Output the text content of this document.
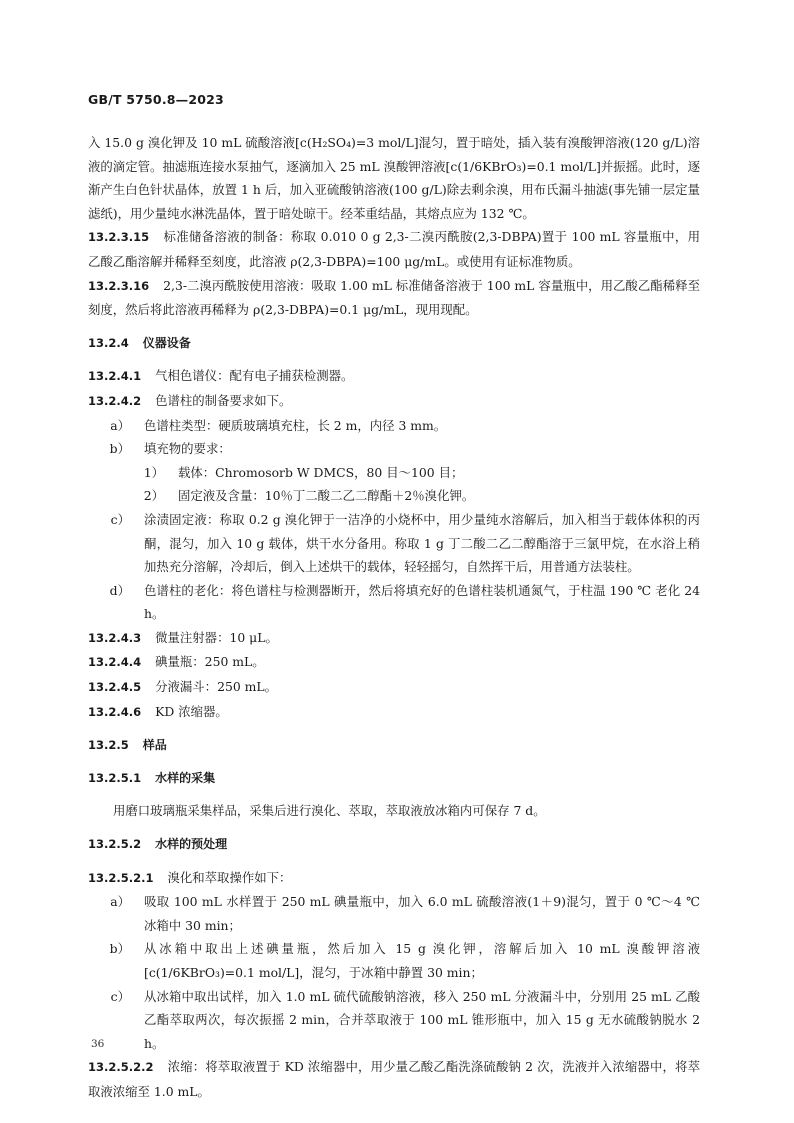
GB/T 5750.8—2023

入 15.0 g 溴化钾及 10 mL 硫酸溶液[c(H₂SO₄)=3 mol/L]混匀，置于暗处，插入装有溴酸钾溶液(120 g/L)溶液的滴定管。抽滤瓶连接水泵抽气，逐滴加入 25 mL 溴酸钾溶液[c(1/6KBrO₃)=0.1 mol/L]并振摇。此时，逐渐产生白色针状晶体，放置 1 h 后，加入亚硫酸钠溶液(100 g/L)除去剩余溴，用布氏漏斗抽滤(事先铺一层定量滤纸)，用少量纯水淋洗晶体，置于暗处晾干。经苯重结晶，其熔点应为 132 ℃。

13.2.3.15 标准储备溶液的制备：称取 0.010 0 g 2,3-二溴丙酰胺(2,3-DBPA)置于 100 mL 容量瓶中，用乙酸乙酯溶解并稀释至刻度，此溶液 ρ(2,3-DBPA)=100 μg/mL。或使用有证标准物质。

13.2.3.16 2,3-二溴丙酰胺使用溶液：吸取 1.00 mL 标准储备溶液于 100 mL 容量瓶中，用乙酸乙酯稀释至刻度，然后将此溶液再稀释为 ρ(2,3-DBPA)=0.1 μg/mL，现用现配。

13.2.4 仪器设备

13.2.4.1 气相色谱仪：配有电子捕获检测器。

13.2.4.2 色谱柱的制备要求如下。

a）	色谱柱类型：硬质玻璃填充柱，长 2 m，内径 3 mm。
b）	填充物的要求：
1）	载体：Chromosorb W DMCS，80 目～100 目；
2）	固定液及含量：10％丁二酸二乙二醇酯＋2％溴化钾。
c）	涂渍固定液：称取 0.2 g 溴化钾于一洁净的小烧杯中，用少量纯水溶解后，加入相当于载体体积的丙酮，混匀，加入 10 g 载体，烘干水分备用。称取 1 g 丁二酸二乙二醇酯溶于三氯甲烷，在水浴上稍加热充分溶解，冷却后，倒入上述烘干的载体，轻轻摇匀，自然挥干后，用普通方法装柱。
d）	色谱柱的老化：将色谱柱与检测器断开，然后将填充好的色谱柱装机通氮气，于柱温 190 ℃ 老化 24 h。

13.2.4.3 微量注射器：10 μL。

13.2.4.4 碘量瓶：250 mL。

13.2.4.5 分液漏斗：250 mL。

13.2.4.6 KD 浓缩器。

13.2.5 样品

13.2.5.1 水样的采集

用磨口玻璃瓶采集样品，采集后进行溴化、萃取，萃取液放冰箱内可保存 7 d。

13.2.5.2 水样的预处理

13.2.5.2.1 溴化和萃取操作如下：

a）	吸取 100 mL 水样置于 250 mL 碘量瓶中，加入 6.0 mL 硫酸溶液(1＋9)混匀，置于 0 ℃～4 ℃ 冰箱中 30 min；
b）	从冰箱中取出上述碘量瓶，然后加入 15 g 溴化钾，溶解后加入 10 mL 溴酸钾溶液[c(1/6KBrO₃)=0.1 mol/L]，混匀，于冰箱中静置 30 min；
c）	从冰箱中取出试样，加入 1.0 mL 硫代硫酸钠溶液，移入 250 mL 分液漏斗中，分别用 25 mL 乙酸乙酯萃取两次，每次振摇 2 min，合并萃取液于 100 mL 锥形瓶中，加入 15 g 无水硫酸钠脱水 2 h。

13.2.5.2.2 浓缩：将萃取液置于 KD 浓缩器中，用少量乙酸乙酯洗涤硫酸钠 2 次，洗液并入浓缩器中，将萃取液浓缩至 1.0 mL。

36
